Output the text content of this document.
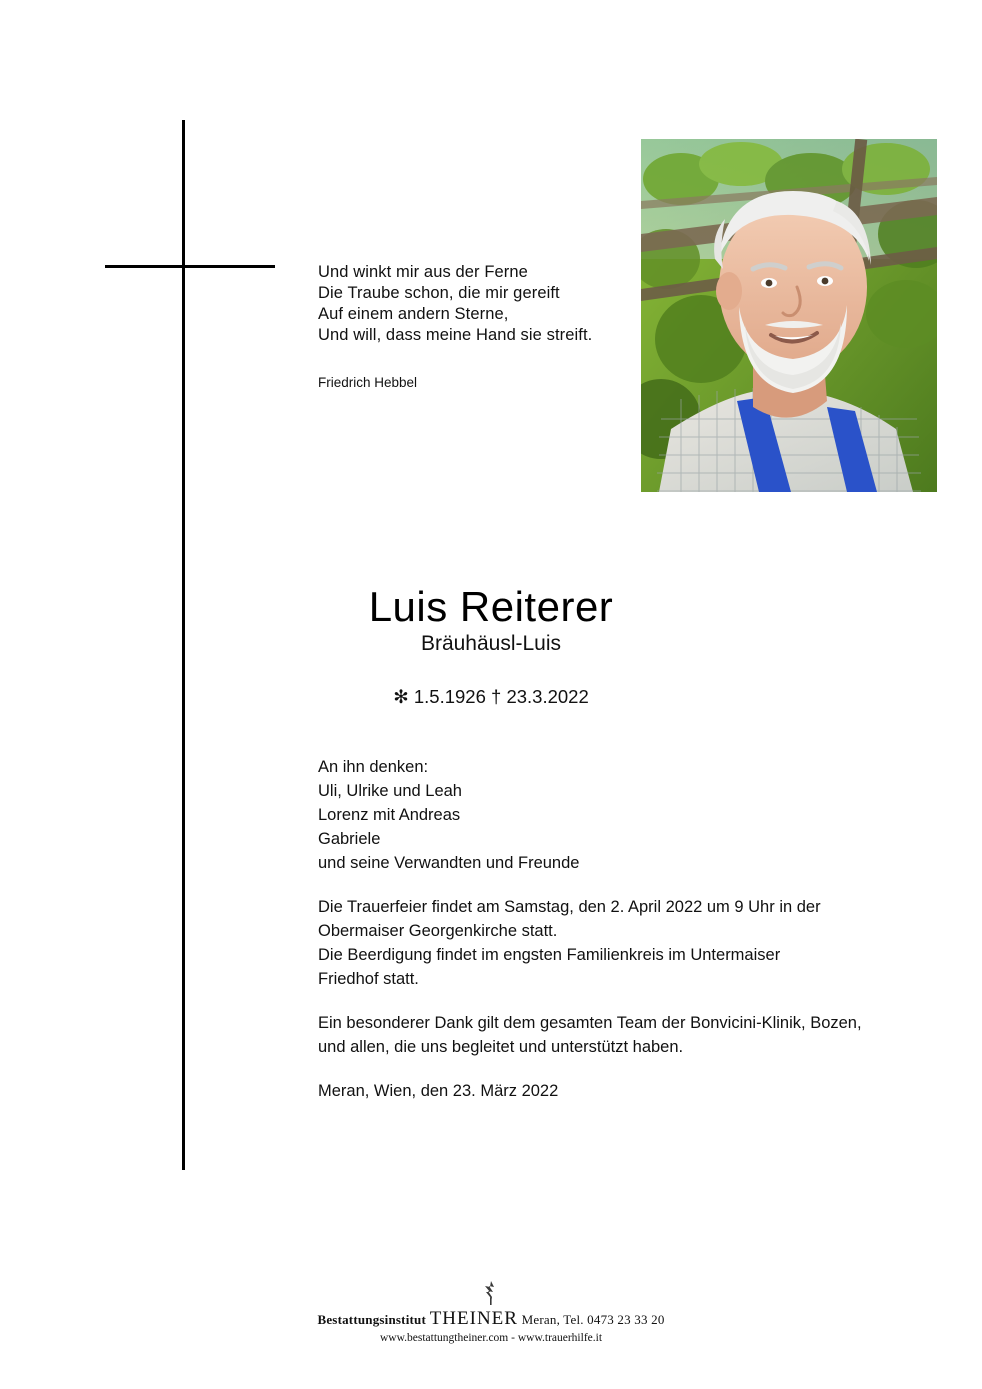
Und winkt mir aus der Ferne
Die Traube schon, die mir gereift
Auf einem andern Sterne,
Und will, dass meine Hand sie streift.
Friedrich Hebbel
Luis Reiterer
Bräuhäusl-Luis
✻ 1.5.1926 † 23.3.2022
An ihn denken:
Uli, Ulrike und Leah
Lorenz mit Andreas
Gabriele
und seine Verwandten und Freunde
Die Trauerfeier findet am Samstag, den 2. April 2022 um 9 Uhr in der
Obermaiser Georgenkirche statt.
Die Beerdigung findet im engsten Familienkreis im Untermaiser
Friedhof statt.
Ein besonderer Dank gilt dem gesamten Team der Bonvicini-Klinik, Bozen,
und allen, die uns begleitet und unterstützt haben.
Meran, Wien, den 23. März 2022
Bestattungsinstitut THEINER Meran, Tel. 0473 23 33 20
www.bestattungtheiner.com - www.trauerhilfe.it
